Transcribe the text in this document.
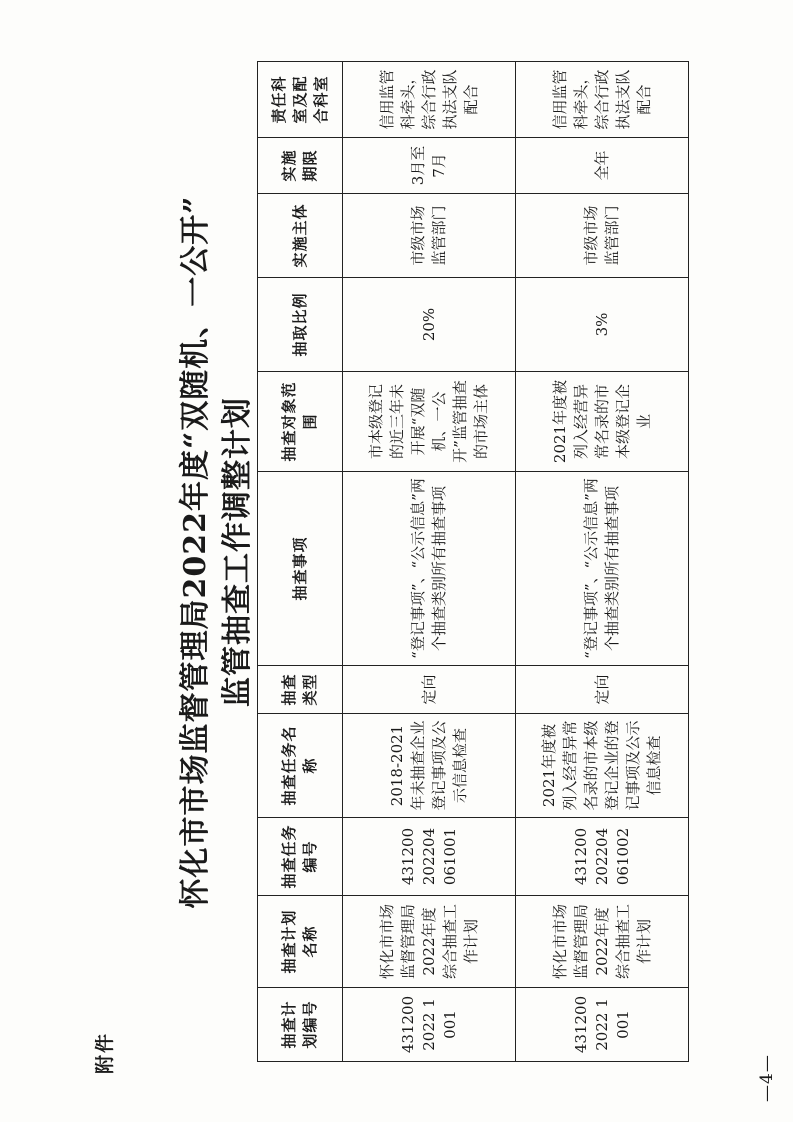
附件
怀化市市场监督管理局2022年度“双随机、一公开” 监管抽查工作调整计划
抽查计划编号	抽查计划名称	抽查任务编号	抽查任务名称	抽查类型	抽查事项	抽查对象范围	抽取比例	实施主体	实施期限	责任科室及配合科室
4312002022 1001	怀化市市场监督管理局2022年度综合抽查工作计划	431200202204 061001	2018-2021年未抽查企业登记事项及公示信息检查	定向	“登记事项”、“公示信息”两个抽查类别所有抽查事项	市本级登记的近三年未开展“双随机、一公开”监管抽查的市场主体	20%	市级市场监管部门	3月至7月	信用监管科牵头，综合行政执法支队配合
4312002022 1001	怀化市市场监督管理局2022年度综合抽查工作计划	431200202204 061002	2021年度被列入经营异常名录的市本级登记企业的登记事项及公示信息检查	定向	“登记事项”、“公示信息”两个抽查类别所有抽查事项	2021年度被列入经营异常名录的市本级登记企业	3%	市级市场监管部门	全年	信用监管科牵头，综合行政执法支队配合
—4—
